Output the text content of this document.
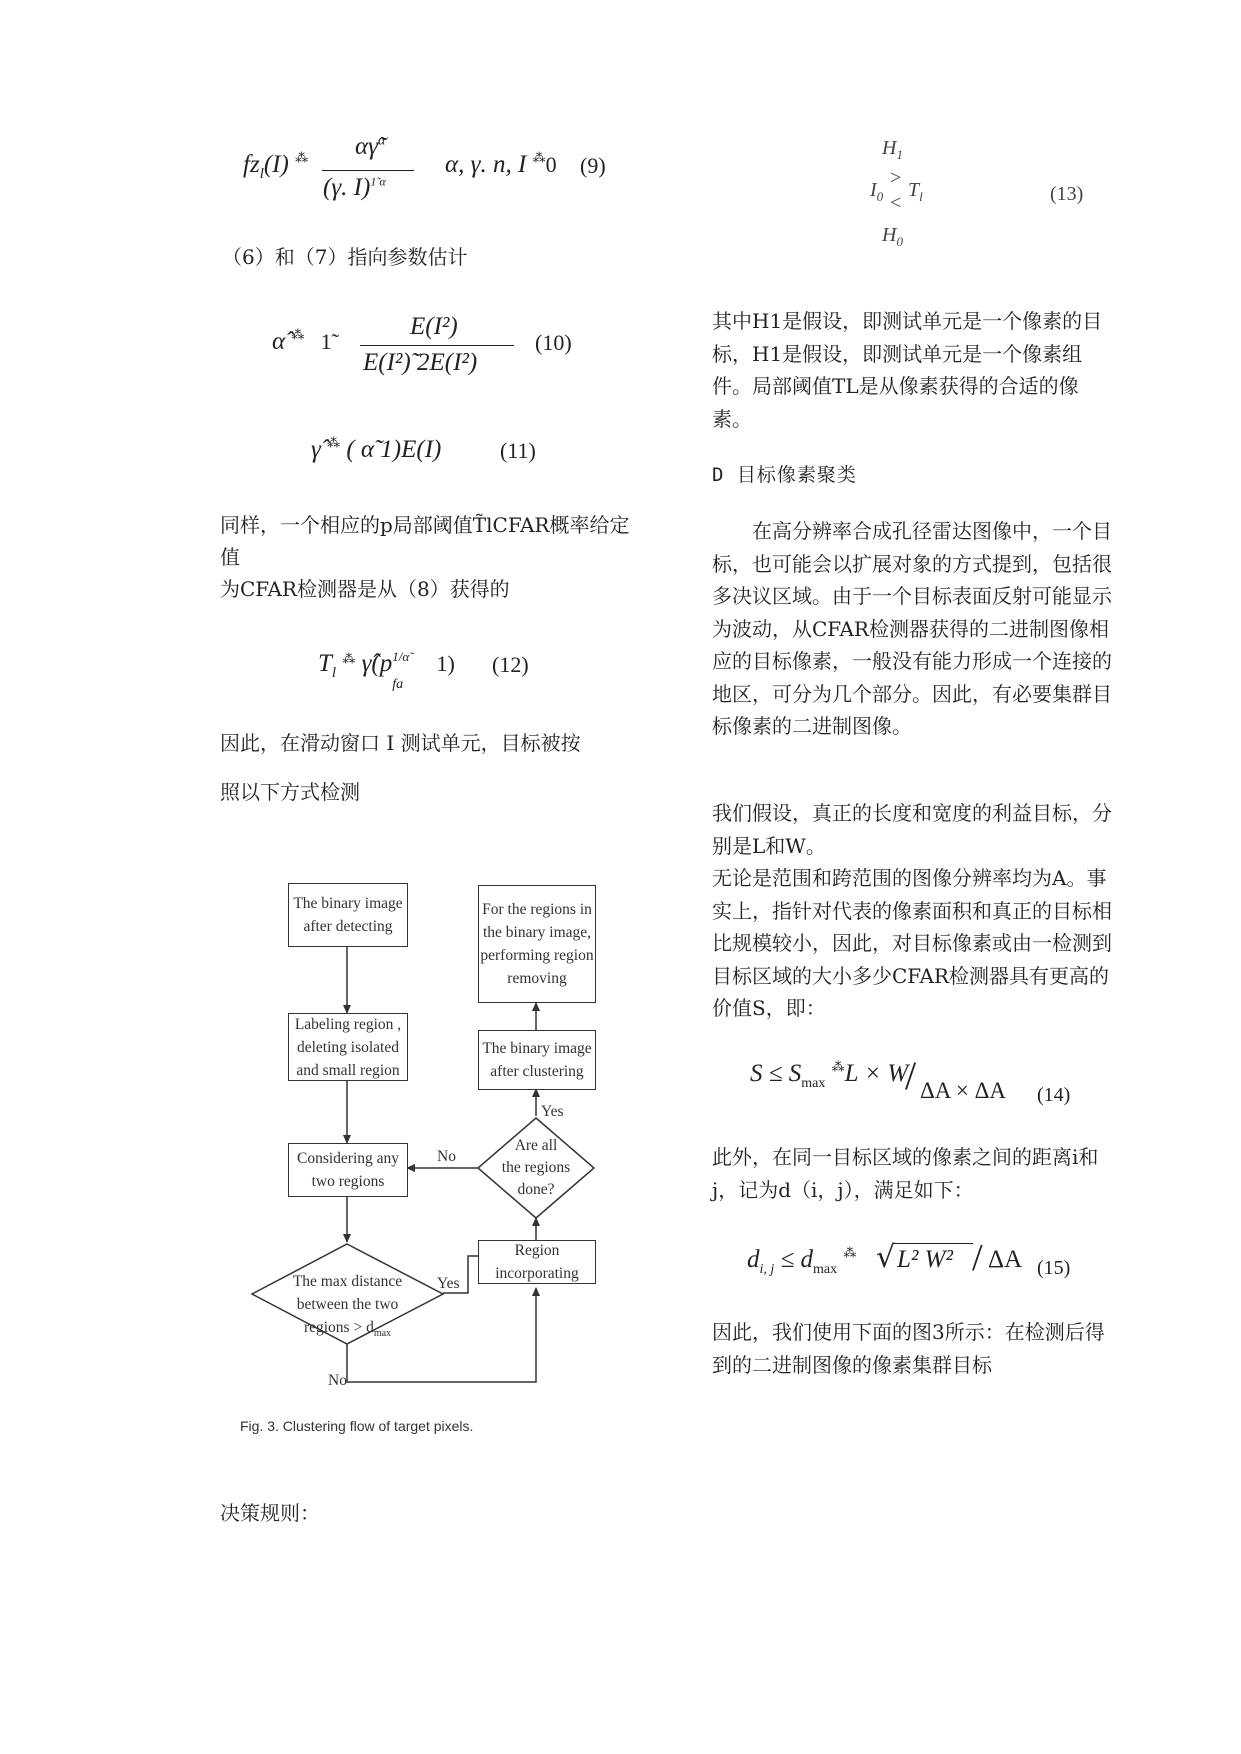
$fz_l(I)$ ⁂ αγ̃$^\alpha$
(γ. I)$^{1̃ \alpha}$
α, γ. n, I ⁂0 (9)
（6）和（7）指向参数估计
α̂ ⁂ 1̃
E(I²)
E(I²)̃ 2E(I²)
(10)
γ̂ ⁂ ( α̃ 1)E(I)	(11)
同样，一个相应的p局部阈值T̃lCFAR概率给定值
为CFAR检测器是从（8）获得的
$T_l$ ⁂ γ̂(p 1/α̃
fa
1) (12)
因此，在滑动窗口 I 测试单元，目标被按
照以下方式检测
The binary image after detecting
Labeling region , deleting isolated and small region
Considering any two regions
The max distance
between the two
regions > $d_{max}$
Region incorporating
Are all
the regions
done?
The binary image after clustering
For the regions in the binary image, performing region removing
No
Yes
Yes
No
Fig. 3. Clustering flow of target pixels.
决策规则：
$H_1$
$I_0$
>
<
$T_l$
$H_0$
(13)
其中H1是假设，即测试单元是一个像素的目标，H1是假设，即测试单元是一个像素组件。局部阈值TL是从像素获得的合适的像素。
D 目标像素聚类
在高分辨率合成孔径雷达图像中，一个目标，也可能会以扩展对象的方式提到，包括很多决议区域。由于一个目标表面反射可能显示为波动，从CFAR检测器获得的二进制图像相应的目标像素，一般没有能力形成一个连接的地区，可分为几个部分。因此，有必要集群目标像素的二进制图像。
我们假设，真正的长度和宽度的利益目标，分别是L和W。
无论是范围和跨范围的图像分辨率均为A。事实上，指针对代表的像素面积和真正的目标相比规模较小，因此，对目标像素或由一检测到目标区域的大小多少CFAR检测器具有更高的价值S，即：
$S \le S_{max}$ ⁂L × W
/ ΔA × ΔA (14)
此外，在同一目标区域的像素之间的距离i和j，记为d（i，j），满足如下：
$d_{i, j} \le d_{max}$ ⁂ √ L² W² / ΔA (15)
因此，我们使用下面的图3所示：在检测后得到的二进制图像的像素集群目标
